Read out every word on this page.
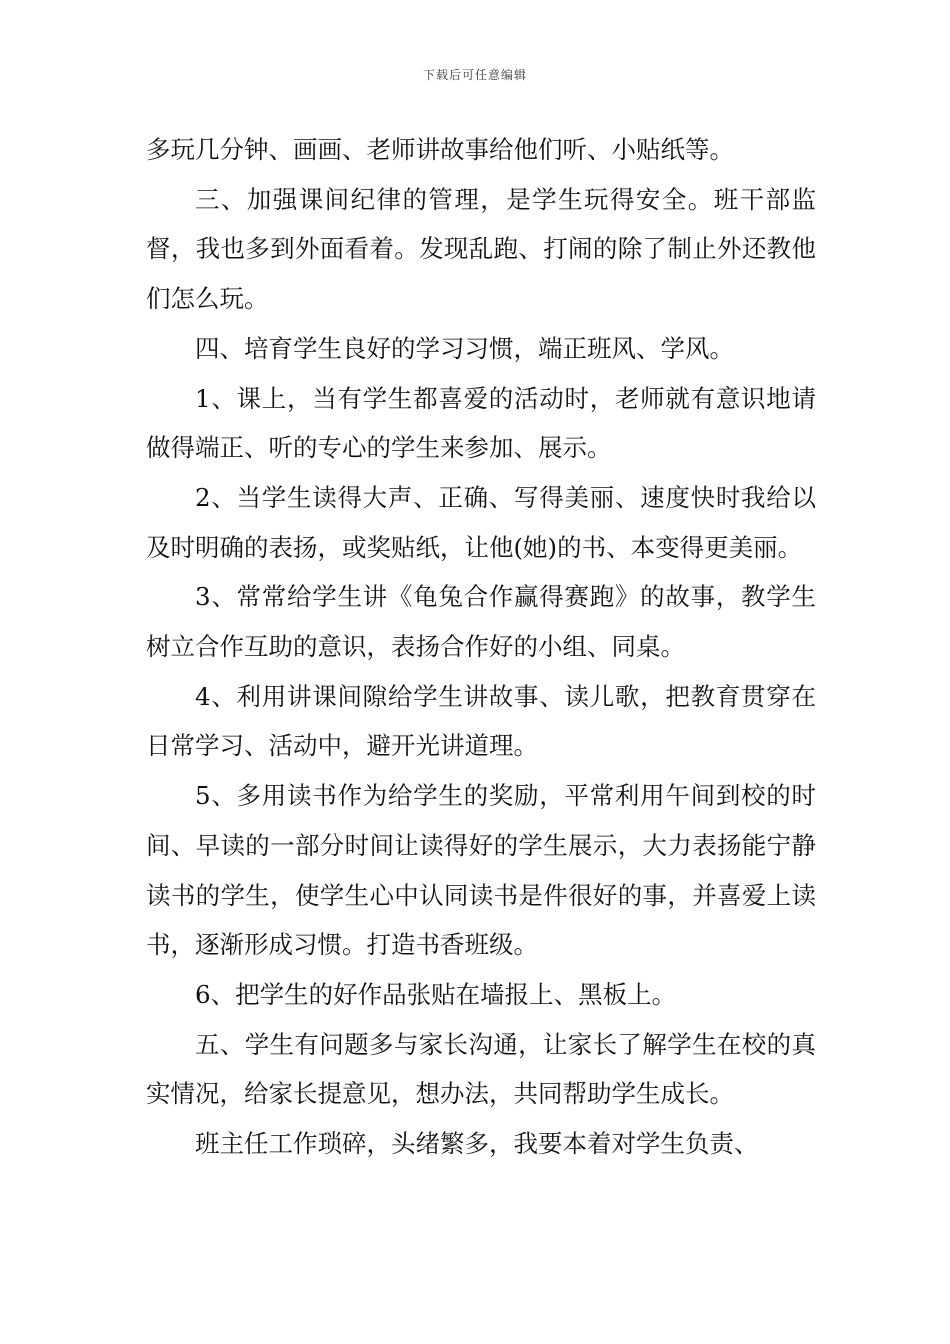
下载后可任意编辑

多玩几分钟、画画、老师讲故事给他们听、小贴纸等。

三、加强课间纪律的管理，是学生玩得安全。班干部监督，我也多到外面看着。发现乱跑、打闹的除了制止外还教他们怎么玩。

四、培育学生良好的学习习惯，端正班风、学风。

1、课上，当有学生都喜爱的活动时，老师就有意识地请做得端正、听的专心的学生来参加、展示。

2、当学生读得大声、正确、写得美丽、速度快时我给以及时明确的表扬，或奖贴纸，让他(她)的书、本变得更美丽。

3、常常给学生讲《龟兔合作赢得赛跑》的故事，教学生树立合作互助的意识，表扬合作好的小组、同桌。

4、利用讲课间隙给学生讲故事、读儿歌，把教育贯穿在日常学习、活动中，避开光讲道理。

5、多用读书作为给学生的奖励，平常利用午间到校的时间、早读的一部分时间让读得好的学生展示，大力表扬能宁静读书的学生，使学生心中认同读书是件很好的事，并喜爱上读书，逐渐形成习惯。打造书香班级。

6、把学生的好作品张贴在墙报上、黑板上。

五、学生有问题多与家长沟通，让家长了解学生在校的真实情况，给家长提意见，想办法，共同帮助学生成长。

班主任工作琐碎，头绪繁多，我要本着对学生负责、
